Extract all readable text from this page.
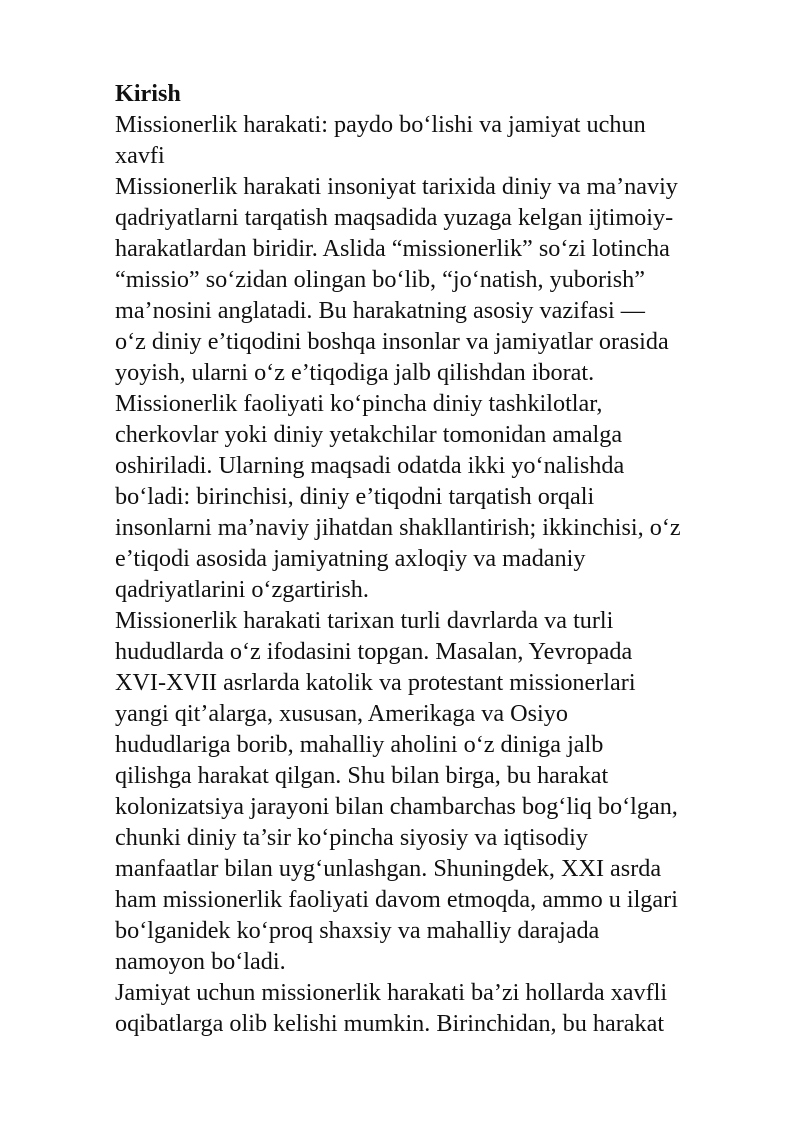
Kirish
Missionerlik harakati: paydo bo‘lishi va jamiyat uchun
xavfi
Missionerlik harakati insoniyat tarixida diniy va ma’naviy
qadriyatlarni tarqatish maqsadida yuzaga kelgan ijtimoiy-
harakatlardan biridir. Aslida “missionerlik” so‘zi lotincha
“missio” so‘zidan olingan bo‘lib, “jo‘natish, yuborish”
ma’nosini anglatadi. Bu harakatning asosiy vazifasi —
o‘z diniy e’tiqodini boshqa insonlar va jamiyatlar orasida
yoyish, ularni o‘z e’tiqodiga jalb qilishdan iborat.
Missionerlik faoliyati ko‘pincha diniy tashkilotlar,
cherkovlar yoki diniy yetakchilar tomonidan amalga
oshiriladi. Ularning maqsadi odatda ikki yo‘nalishda
bo‘ladi: birinchisi, diniy e’tiqodni tarqatish orqali
insonlarni ma’naviy jihatdan shakllantirish; ikkinchisi, o‘z
e’tiqodi asosida jamiyatning axloqiy va madaniy
qadriyatlarini o‘zgartirish.
Missionerlik harakati tarixan turli davrlarda va turli
hududlarda o‘z ifodasini topgan. Masalan, Yevropada
XVI-XVII asrlarda katolik va protestant missionerlari
yangi qit’alarga, xususan, Amerikaga va Osiyo
hududlariga borib, mahalliy aholini o‘z diniga jalb
qilishga harakat qilgan. Shu bilan birga, bu harakat
kolonizatsiya jarayoni bilan chambarchas bog‘liq bo‘lgan,
chunki diniy ta’sir ko‘pincha siyosiy va iqtisodiy
manfaatlar bilan uyg‘unlashgan. Shuningdek, XXI asrda
ham missionerlik faoliyati davom etmoqda, ammo u ilgari
bo‘lganidek ko‘proq shaxsiy va mahalliy darajada
namoyon bo‘ladi.
Jamiyat uchun missionerlik harakati ba’zi hollarda xavfli
oqibatlarga olib kelishi mumkin. Birinchidan, bu harakat
